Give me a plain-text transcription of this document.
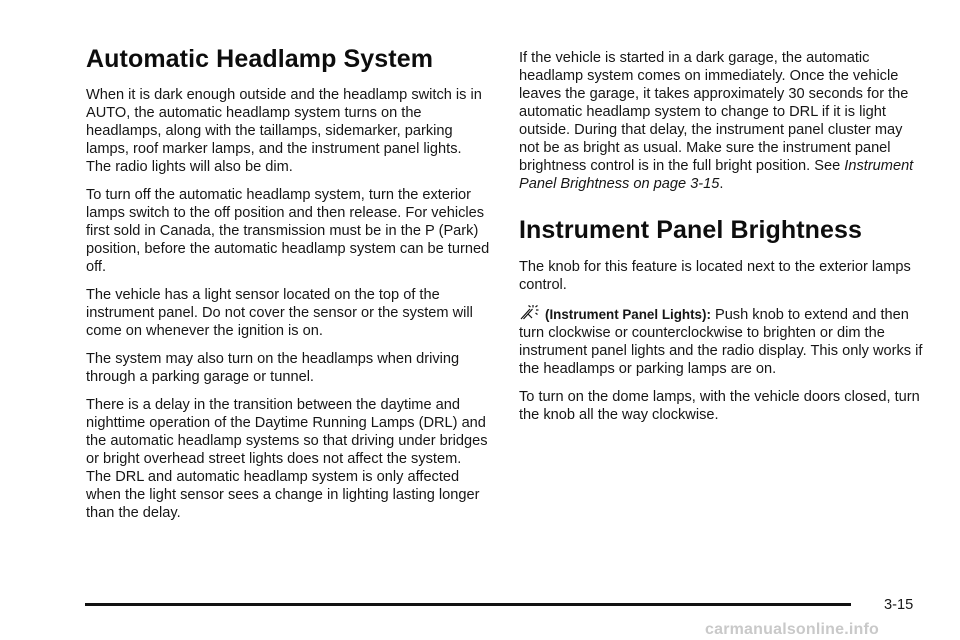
Automatic Headlamp System

When it is dark enough outside and the headlamp switch is in AUTO, the automatic headlamp system turns on the headlamps, along with the taillamps, sidemarker, parking lamps, roof marker lamps, and the instrument panel lights. The radio lights will also be dim.

To turn off the automatic headlamp system, turn the exterior lamps switch to the off position and then release. For vehicles first sold in Canada, the transmission must be in the P (Park) position, before the automatic headlamp system can be turned off.

The vehicle has a light sensor located on the top of the instrument panel. Do not cover the sensor or the system will come on whenever the ignition is on.

The system may also turn on the headlamps when driving through a parking garage or tunnel.

There is a delay in the transition between the daytime and nighttime operation of the Daytime Running Lamps (DRL) and the automatic headlamp systems so that driving under bridges or bright overhead street lights does not affect the system. The DRL and automatic headlamp system is only affected when the light sensor sees a change in lighting lasting longer than the delay.

If the vehicle is started in a dark garage, the automatic headlamp system comes on immediately. Once the vehicle leaves the garage, it takes approximately 30 seconds for the automatic headlamp system to change to DRL if it is light outside. During that delay, the instrument panel cluster may not be as bright as usual. Make sure the instrument panel brightness control is in the full bright position. See Instrument Panel Brightness on page 3-15.

Instrument Panel Brightness

The knob for this feature is located next to the exterior lamps control.

(Instrument Panel Lights): Push knob to extend and then turn clockwise or counterclockwise to brighten or dim the instrument panel lights and the radio display. This only works if the headlamps or parking lamps are on.

To turn on the dome lamps, with the vehicle doors closed, turn the knob all the way clockwise.

3-15
carmanualsonline.info
